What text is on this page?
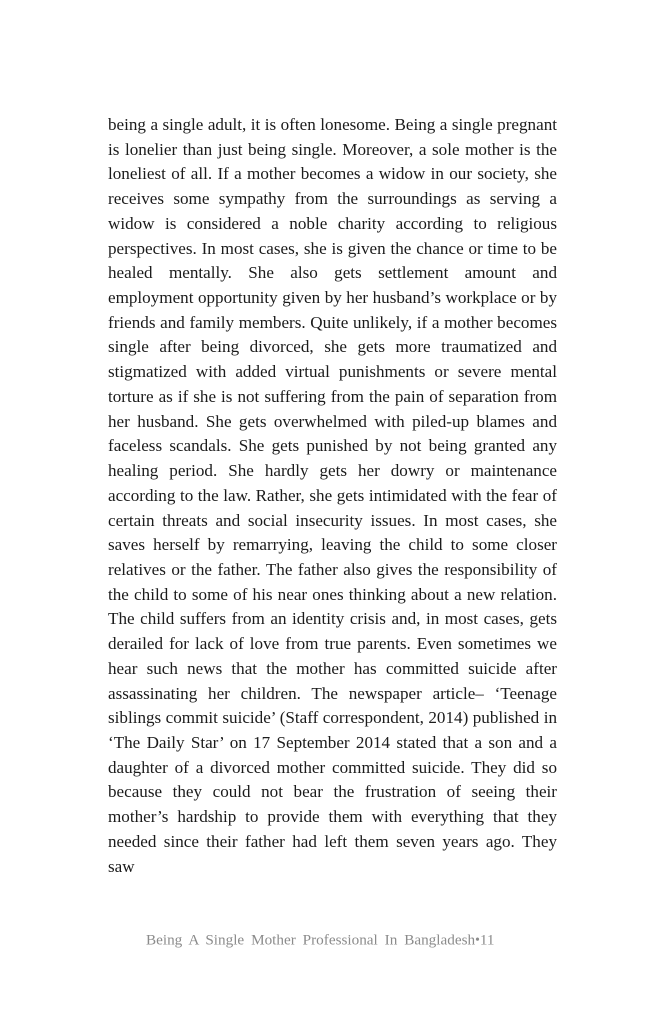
being a single adult, it is often lonesome. Being a single pregnant is lonelier than just being single. Moreover, a sole mother is the loneliest of all. If a mother becomes a widow in our society, she receives some sympathy from the surroundings as serving a widow is considered a noble charity according to religious perspectives. In most cases, she is given the chance or time to be healed mentally. She also gets settlement amount and employment opportunity given by her husband’s workplace or by friends and family members. Quite unlikely, if a mother becomes single after being divorced, she gets more traumatized and stigmatized with added virtual punishments or severe mental torture as if she is not suffering from the pain of separation from her husband. She gets overwhelmed with piled-up blames and faceless scandals. She gets punished by not being granted any healing period. She hardly gets her dowry or maintenance according to the law. Rather, she gets intimidated with the fear of certain threats and social insecurity issues. In most cases, she saves herself by remarrying, leaving the child to some closer relatives or the father. The father also gives the responsibility of the child to some of his near ones thinking about a new relation. The child suffers from an identity crisis and, in most cases, gets derailed for lack of love from true parents. Even sometimes we hear such news that the mother has committed suicide after assassinating her children. The newspaper article– ‘Teenage siblings commit suicide’ (Staff correspondent, 2014) published in ‘The Daily Star’ on 17 September 2014 stated that a son and a daughter of a divorced mother committed suicide. They did so because they could not bear the frustration of seeing their mother’s hardship to provide them with everything that they needed since their father had left them seven years ago. They saw

Being A Single Mother Professional In Bangladesh•11
